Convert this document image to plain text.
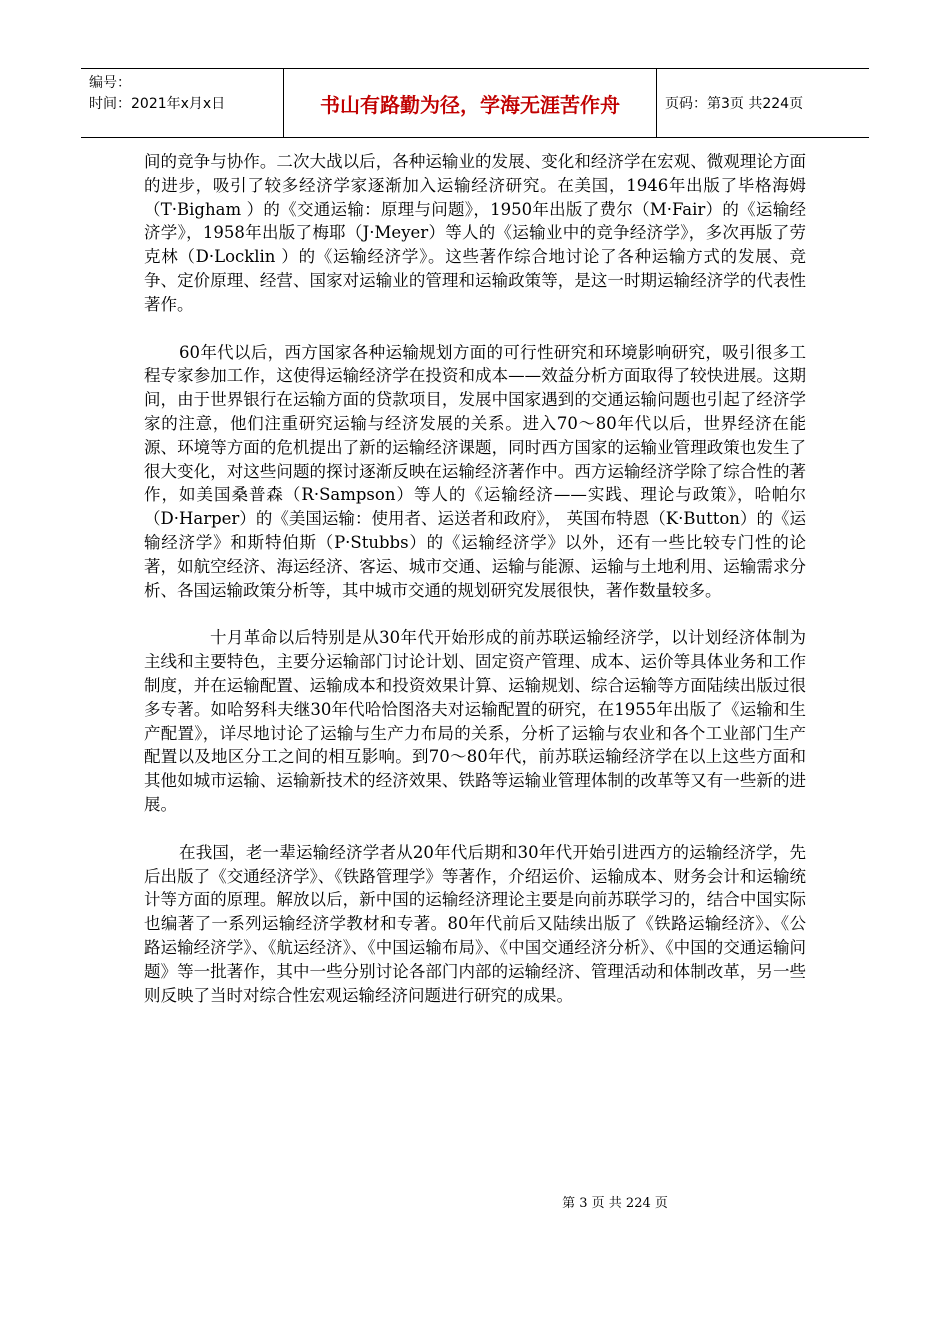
编号：
时间：2021年x月x日	书山有路勤为径，学海无涯苦作舟	页码：第3页 共224页

间的竞争与协作。二次大战以后，各种运输业的发展、变化和经济学在宏观、微观理论方面的进步，吸引了较多经济学家逐渐加入运输经济研究。在美国，1946年出版了毕格海姆（T·Bigham ）的《交通运输：原理与问题》，1950年出版了费尔（M·Fair）的《运输经济学》，1958年出版了梅耶（J·Meyer）等人的《运输业中的竞争经济学》，多次再版了劳克林（D·Locklin ）的《运输经济学》。这些著作综合地讨论了各种运输方式的发展、竞争、定价原理、经营、国家对运输业的管理和运输政策等，是这一时期运输经济学的代表性著作。

60年代以后，西方国家各种运输规划方面的可行性研究和环境影响研究，吸引很多工程专家参加工作，这使得运输经济学在投资和成本——效益分析方面取得了较快进展。这期间，由于世界银行在运输方面的贷款项目，发展中国家遇到的交通运输问题也引起了经济学家的注意，他们注重研究运输与经济发展的关系。进入70～80年代以后，世界经济在能源、环境等方面的危机提出了新的运输经济课题，同时西方国家的运输业管理政策也发生了很大变化，对这些问题的探讨逐渐反映在运输经济著作中。西方运输经济学除了综合性的著作，如美国桑普森（R·Sampson）等人的《运输经济——实践、理论与政策》，哈帕尔（D·Harper）的《美国运输：使用者、运送者和政府》， 英国布特恩（K·Button）的《运输经济学》和斯特伯斯（P·Stubbs）的《运输经济学》以外，还有一些比较专门性的论著，如航空经济、海运经济、客运、城市交通、运输与能源、运输与土地利用、运输需求分析、各国运输政策分析等，其中城市交通的规划研究发展很快，著作数量较多。

十月革命以后特别是从30年代开始形成的前苏联运输经济学，以计划经济体制为主线和主要特色，主要分运输部门讨论计划、固定资产管理、成本、运价等具体业务和工作制度，并在运输配置、运输成本和投资效果计算、运输规划、综合运输等方面陆续出版过很多专著。如哈努科夫继30年代哈恰图洛夫对运输配置的研究，在1955年出版了《运输和生产配置》，详尽地讨论了运输与生产力布局的关系，分析了运输与农业和各个工业部门生产配置以及地区分工之间的相互影响。到70～80年代，前苏联运输经济学在以上这些方面和其他如城市运输、运输新技术的经济效果、铁路等运输业管理体制的改革等又有一些新的进展。

在我国，老一辈运输经济学者从20年代后期和30年代开始引进西方的运输经济学，先后出版了《交通经济学》、《铁路管理学》等著作，介绍运价、运输成本、财务会计和运输统计等方面的原理。解放以后，新中国的运输经济理论主要是向前苏联学习的，结合中国实际也编著了一系列运输经济学教材和专著。80年代前后又陆续出版了《铁路运输经济》、《公路运输经济学》、《航运经济》、《中国运输布局》、《中国交通经济分析》、《中国的交通运输问题》等一批著作，其中一些分别讨论各部门内部的运输经济、管理活动和体制改革，另一些则反映了当时对综合性宏观运输经济问题进行研究的成果。

第 3 页 共 224 页
